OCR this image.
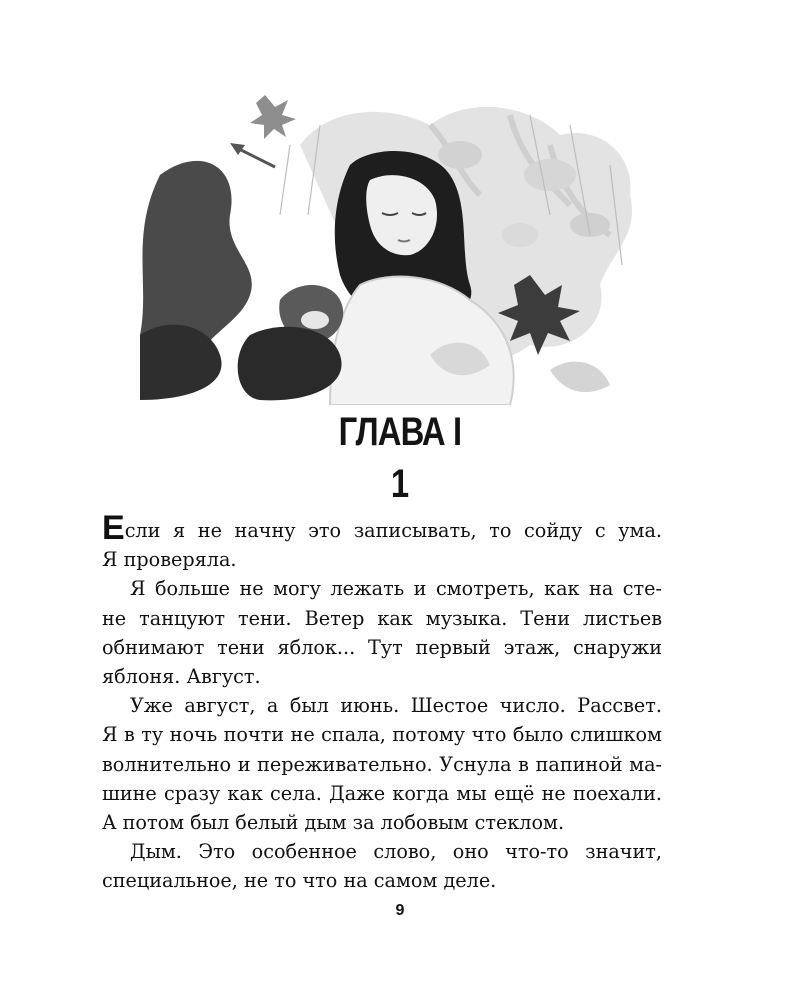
ГЛАВА I
1

Если я не начну это записывать, то сойду с ума.
Я проверяла.

Я больше не могу лежать и смотреть, как на сте-
не танцуют тени. Ветер как музыка. Тени листьев
обнимают тени яблок... Тут первый этаж, снаружи
яблоня. Август.

Уже август, а был июнь. Шестое число. Рассвет.
Я в ту ночь почти не спала, потому что было слишком
волнительно и переживательно. Уснула в папиной ма-
шине сразу как села. Даже когда мы ещё не поехали.
А потом был белый дым за лобовым стеклом.

Дым. Это особенное слово, оно что-то значит,
специальное, не то что на самом деле.

9
